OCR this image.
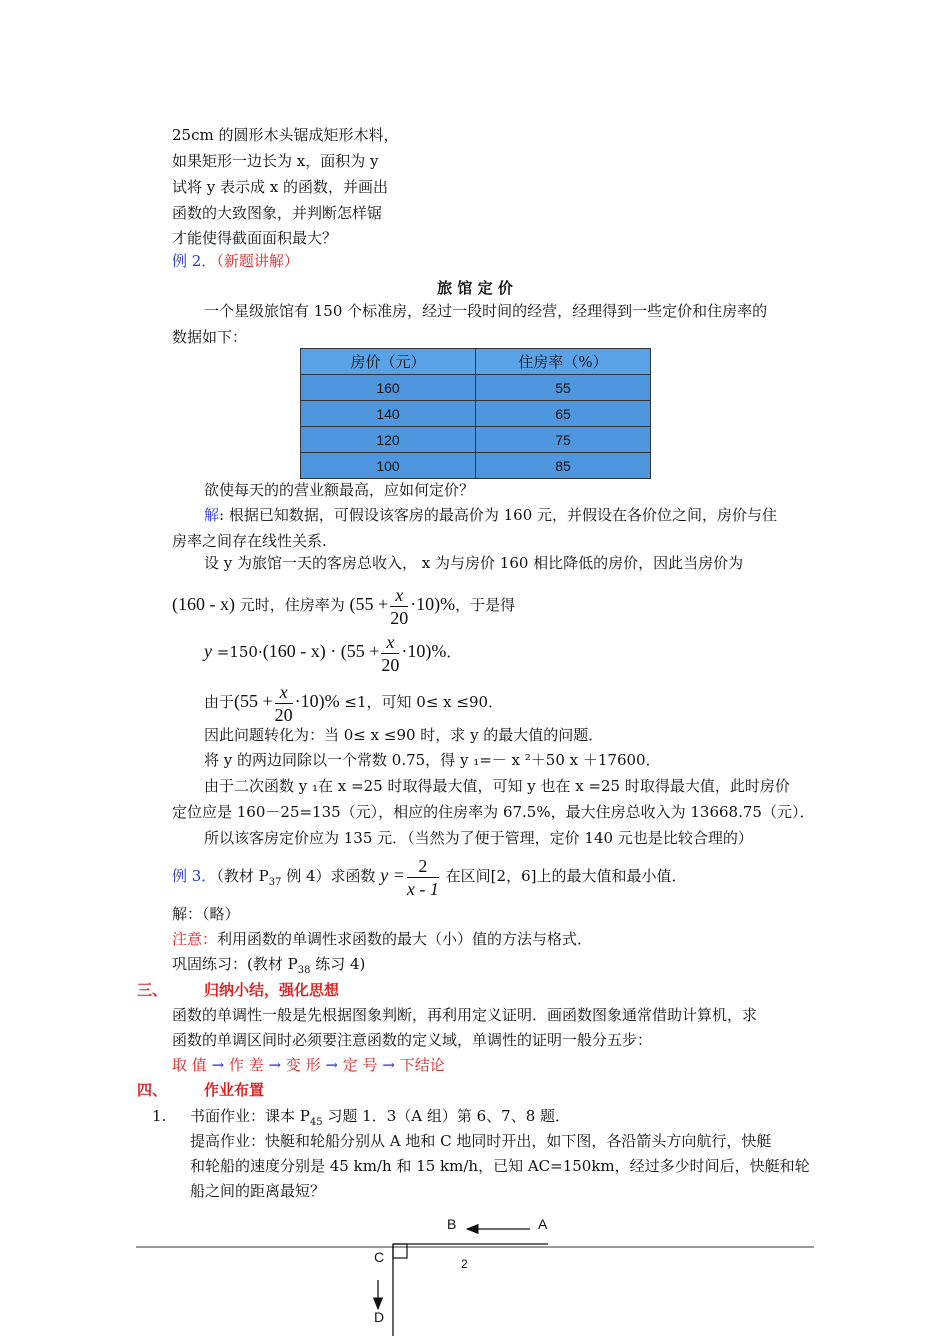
25cm 的圆形木头锯成矩形木料，
如果矩形一边长为 x，面积为 y
试将 y 表示成 x 的函数，并画出
函数的大致图象，并判断怎样锯
才能使得截面面积最大？
例 2．（新题讲解）
旅 馆 定 价
一个星级旅馆有 150 个标准房，经过一段时间的经营，经理得到一些定价和住房率的
数据如下：
房价（元）	住房率（%）
160	55
140	65
120	75
100	85
欲使每天的的营业额最高，应如何定价？
解: 根据已知数据，可假设该客房的最高价为 160 元，并假设在各价位之间，房价与住
房率之间存在线性关系.
设 y 为旅馆一天的客房总收入， x 为与房价 160 相比降低的房价，因此当房价为
(160 - x) 元时，住房率为 $(55 + \frac{x}{20} \cdot 10)\%$，于是得
$y =150\cdot(160 - x) \cdot (55 + \frac{x}{20} \cdot 10)\%$．
由于$(55 + \frac{x}{20} \cdot 10)\% \le 1$，可知 0≤ x ≤90．
因此问题转化为：当 0≤ x ≤90 时，求 y 的最大值的问题．
将 y 的两边同除以一个常数 0.75，得 y ₁=－ x ²＋50 x ＋17600．
由于二次函数 y ₁在 x =25 时取得最大值，可知 y 也在 x =25 时取得最大值，此时房价
定位应是 160－25=135（元），相应的住房率为 67.5%，最大住房总收入为 13668.75（元）．
所以该客房定价应为 135 元．（当然为了便于管理，定价 140 元也是比较合理的）
例 3．（教材 $P_{37}$ 例 4）求函数 $y = \frac{2}{x - 1}$ 在区间[2，6]上的最大值和最小值．
解：（略）
注意：利用函数的单调性求函数的最大（小）值的方法与格式．
巩固练习：(教材 $P_{38}$ 练习 4)
三、 归纳小结，强化思想
函数的单调性一般是先根据图象判断，再利用定义证明．画函数图象通常借助计算机，求
函数的单调区间时必须要注意函数的定义域，单调性的证明一般分五步：
取 值 → 作 差 → 变 形 → 定 号 → 下结论
四、 作业布置
1. 书面作业：课本 $P_{45}$ 习题 1．3（A 组）第 6、7、8 题．
提高作业：快艇和轮船分别从 A 地和 C 地同时开出，如下图，各沿箭头方向航行，快艇
和轮船的速度分别是 45 km/h 和 15 km/h，已知 AC=150km，经过多少时间后，快艇和轮
船之间的距离最短？
B	A
C
D
2
